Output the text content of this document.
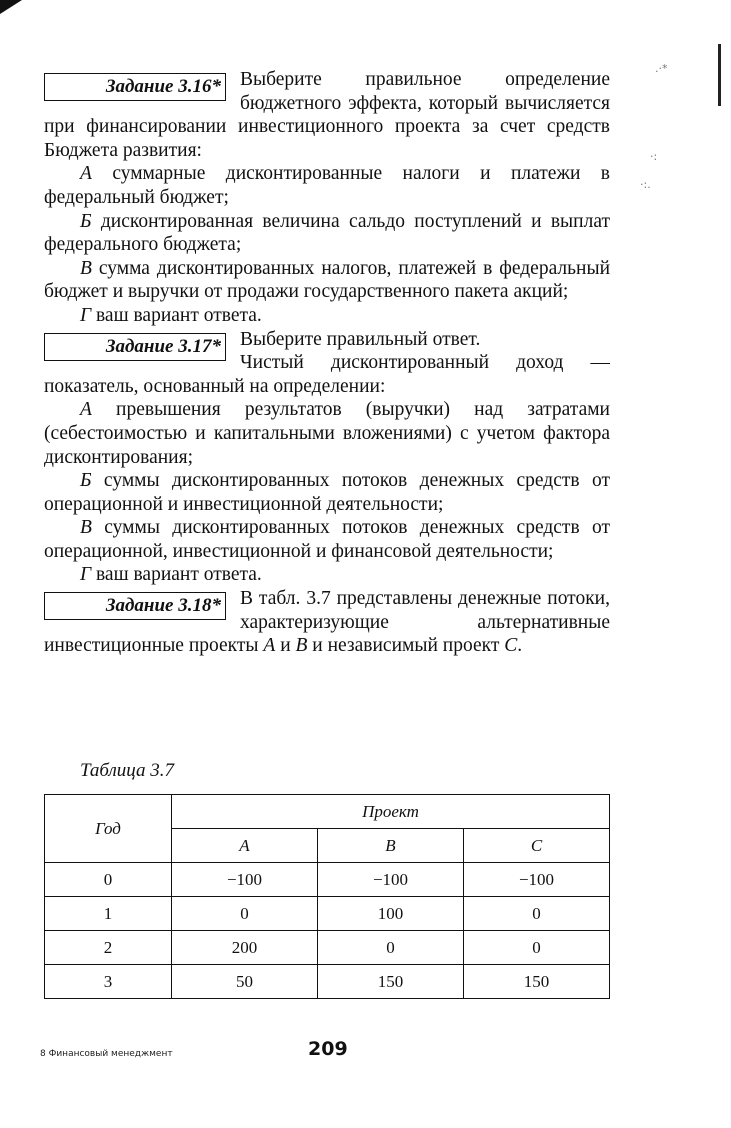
.·*
·:
·:.
Задание 3.16* Выберите правильное определение бюджетного эффекта, который вычисляется при финансировании инвестиционного проекта за счет средств Бюджета развития:

А суммарные дисконтированные налоги и платежи в федеральный бюджет;

Б дисконтированная величина сальдо поступлений и выплат федерального бюджета;

В сумма дисконтированных налогов, платежей в федеральный бюджет и выручки от продажи государственного пакета акций;

Г ваш вариант ответа.

Задание 3.17* Выберите правильный ответ.

Чистый дисконтированный доход — показатель, основанный на определении:

А превышения результатов (выручки) над затратами (себестоимостью и капитальными вложениями) с учетом фактора дисконтирования;

Б суммы дисконтированных потоков денежных средств от операционной и инвестиционной деятельности;

В суммы дисконтированных потоков денежных средств от операционной, инвестиционной и финансовой деятельности;

Г ваш вариант ответа.

Задание 3.18* В табл. 3.7 представлены денежные потоки, характеризующие альтернативные инвестиционные проекты А и В и независимый проект С.

Таблица 3.7
Год	Проект		
	А	В	С
0	−100	−100	−100
1	0	100	0
2	200	0	0
3	50	150	150
8 Финансовый менеджмент	209
